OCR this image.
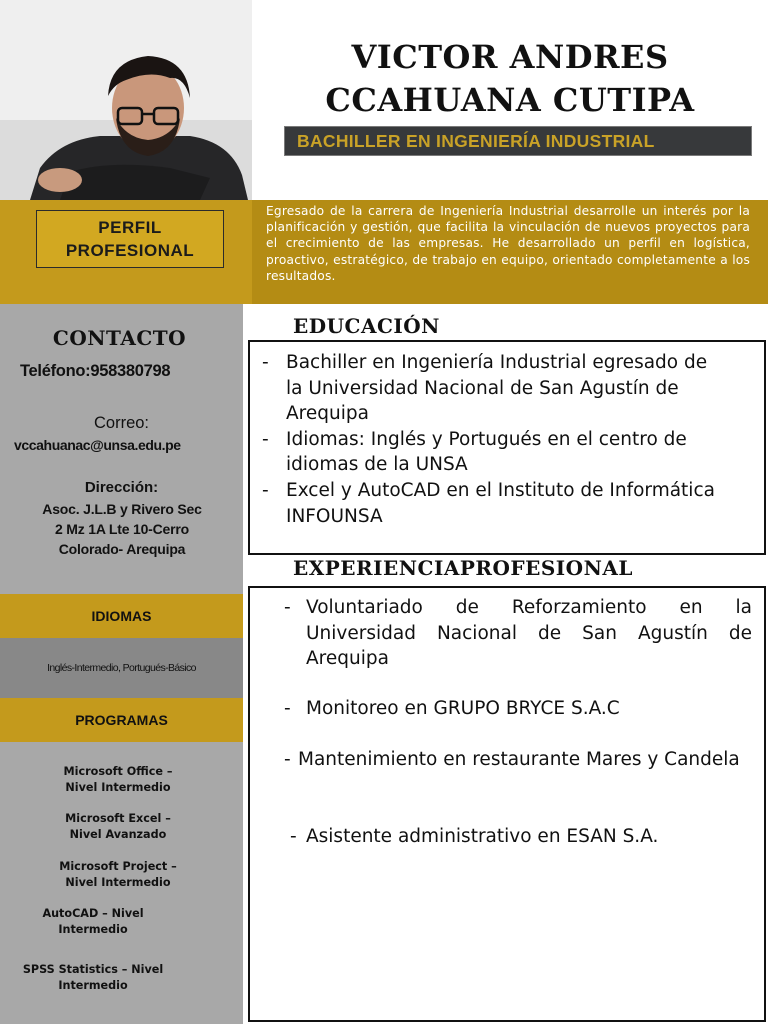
VICTOR ANDRES
CCAHUANA CUTIPA
BACHILLER EN INGENIERÍA INDUSTRIAL
PERFIL
PROFESIONAL
Egresado de la carrera de Ingeniería Industrial desarrolle un interés por la planificación y gestión, que facilita la vinculación de nuevos proyectos para el crecimiento de las empresas. He desarrollado un perfil en logística, proactivo, estratégico, de trabajo en equipo, orientado completamente a los resultados.
CONTACTO
Teléfono:958380798
Correo:
vccahuanac@unsa.edu.pe
Dirección:
Asoc. J.L.B y Rivero Sec
2 Mz 1A Lte 10-Cerro
Colorado- Arequipa
IDIOMAS
Inglés-Intermedio, Portugués-Básico
PROGRAMAS
Microsoft Office –
Nivel Intermedio
Microsoft Excel –
Nivel Avanzado
Microsoft Project –
Nivel Intermedio
AutoCAD – Nivel
Intermedio
SPSS Statistics – Nivel
Intermedio
EDUCACIÓN
- Bachiller en Ingeniería Industrial egresado de la Universidad Nacional de San Agustín de Arequipa
- Idiomas: Inglés y Portugués en el centro de idiomas de la UNSA
- Excel y AutoCAD en el Instituto de Informática INFOUNSA
EXPERIENCIAPROFESIONAL
- Voluntariado de Reforzamiento en la Universidad Nacional de San Agustín de Arequipa
- Monitoreo en GRUPO BRYCE S.A.C
- Mantenimiento en restaurante Mares y Candela
- Asistente administrativo en ESAN S.A.
